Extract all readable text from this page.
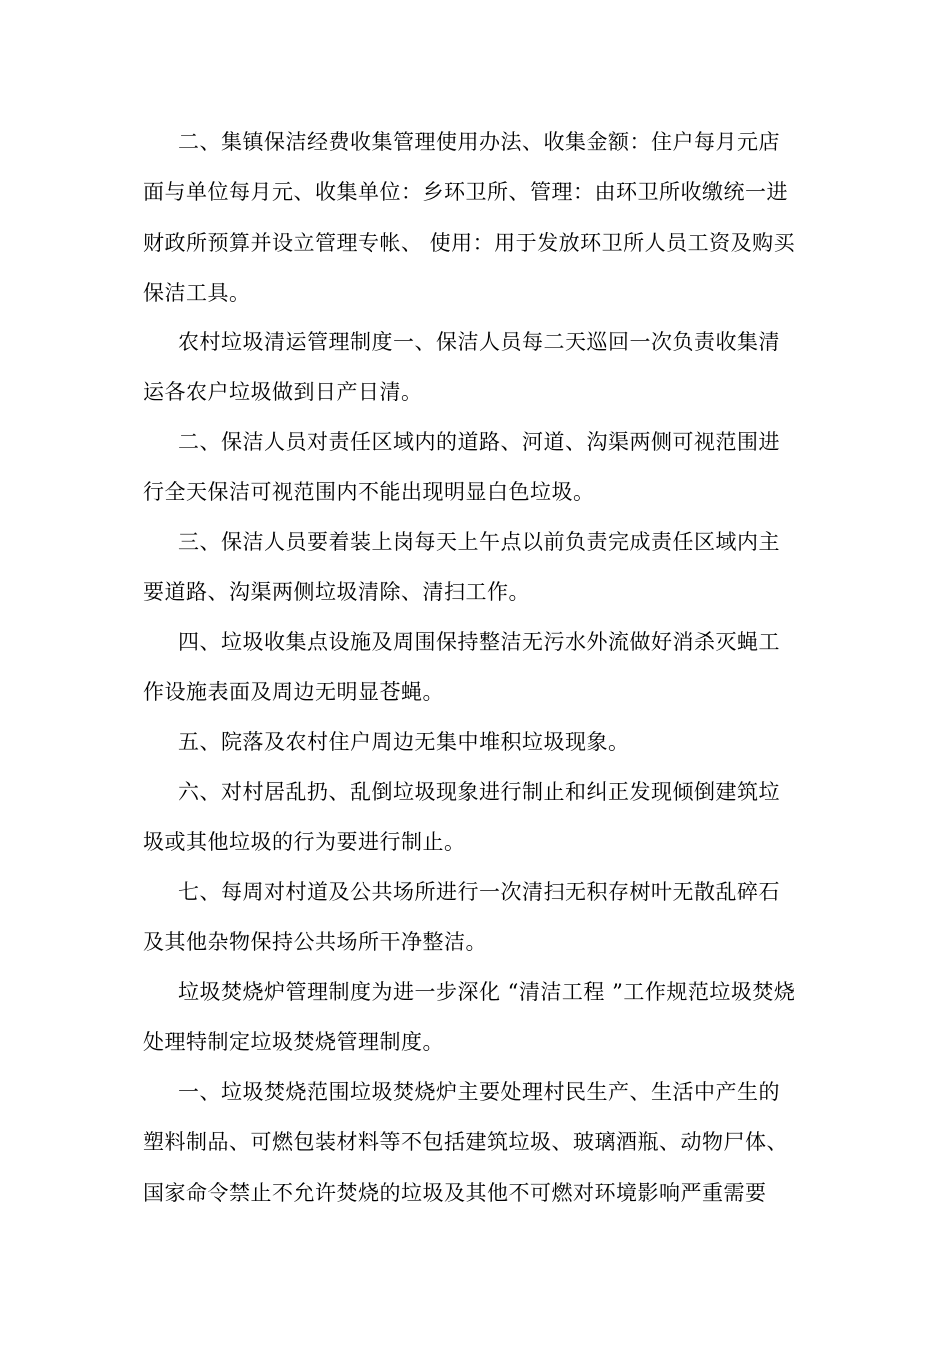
二、集镇保洁经费收集管理使用办法、收集金额：住户每月元店
面与单位每月元、收集单位：乡环卫所、管理：由环卫所收缴统一进
财政所预算并设立管理专帐、 使用：用于发放环卫所人员工资及购买
保洁工具。
农村垃圾清运管理制度一、保洁人员每二天巡回一次负责收集清
运各农户垃圾做到日产日清。
二、保洁人员对责任区域内的道路、河道、沟渠两侧可视范围进
行全天保洁可视范围内不能出现明显白色垃圾。
三、保洁人员要着装上岗每天上午点以前负责完成责任区域内主
要道路、沟渠两侧垃圾清除、清扫工作。
四、垃圾收集点设施及周围保持整洁无污水外流做好消杀灭蝇工
作设施表面及周边无明显苍蝇。
五、院落及农村住户周边无集中堆积垃圾现象。
六、对村居乱扔、乱倒垃圾现象进行制止和纠正发现倾倒建筑垃
圾或其他垃圾的行为要进行制止。
七、每周对村道及公共场所进行一次清扫无积存树叶无散乱碎石
及其他杂物保持公共场所干净整洁。
垃圾焚烧炉管理制度为进一步深化 “清洁工程 ”工作规范垃圾焚烧
处理特制定垃圾焚烧管理制度。
一、垃圾焚烧范围垃圾焚烧炉主要处理村民生产、生活中产生的
塑料制品、可燃包装材料等不包括建筑垃圾、玻璃酒瓶、动物尸体、
国家命令禁止不允许焚烧的垃圾及其他不可燃对环境影响严重需要
